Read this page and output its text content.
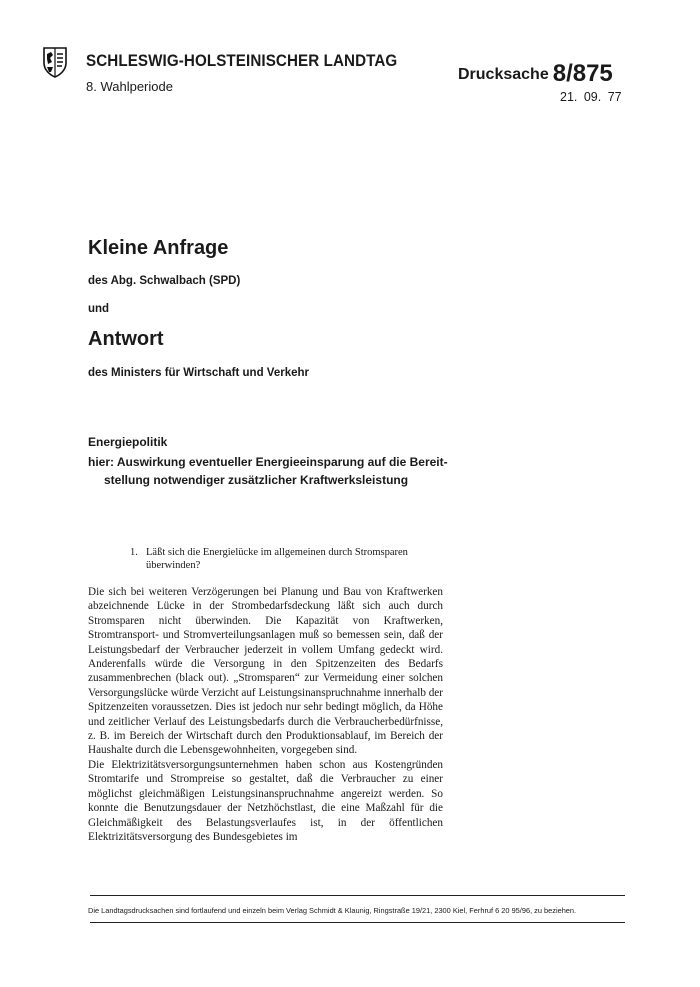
SCHLESWIG-HOLSTEINISCHER LANDTAG
8. Wahlperiode
Drucksache 8/875
21. 09. 77
Kleine Anfrage
des Abg. Schwalbach (SPD)
und
Antwort
des Ministers für Wirtschaft und Verkehr
Energiepolitik
hier: Auswirkung eventueller Energieeinsparung auf die Bereit-
stellung notwendiger zusätzlicher Kraftwerksleistung
1. Läßt sich die Energielücke im allgemeinen durch Stromsparen
überwinden?
Die sich bei weiteren Verzögerungen bei Planung und Bau von Kraftwerken abzeichnende Lücke in der Strombedarfsdeckung läßt sich auch durch Stromsparen nicht überwinden. Die Kapazität von Kraftwerken, Stromtransport- und Stromverteilungsanlagen muß so bemessen sein, daß der Leistungsbedarf der Verbraucher jederzeit in vollem Umfang gedeckt wird. Anderenfalls würde die Versorgung in den Spitzenzeiten des Bedarfs zusammenbrechen (black out). „Stromsparen“ zur Vermeidung einer solchen Versorgungslücke würde Verzicht auf Leistungsinanspruchnahme innerhalb der Spitzenzeiten voraussetzen. Dies ist jedoch nur sehr bedingt möglich, da Höhe und zeitlicher Verlauf des Leistungsbedarfs durch die Verbraucherbedürfnisse, z. B. im Bereich der Wirtschaft durch den Produktionsablauf, im Bereich der Haushalte durch die Lebensgewohnheiten, vorgegeben sind.
Die Elektrizitätsversorgungsunternehmen haben schon aus Kostengründen Stromtarife und Strompreise so gestaltet, daß die Verbraucher zu einer möglichst gleichmäßigen Leistungsinanspruchnahme angereizt werden. So konnte die Benutzungsdauer der Netzhöchstlast, die eine Maßzahl für die Gleichmäßigkeit des Belastungsverlaufes ist, in der öffentlichen Elektrizitätsversorgung des Bundesgebietes im
Die Landtagsdrucksachen sind fortlaufend und einzeln beim Verlag Schmidt & Klaunig, Ringstraße 19/21, 2300 Kiel, Ferhruf 6 20 95/96, zu beziehen.
